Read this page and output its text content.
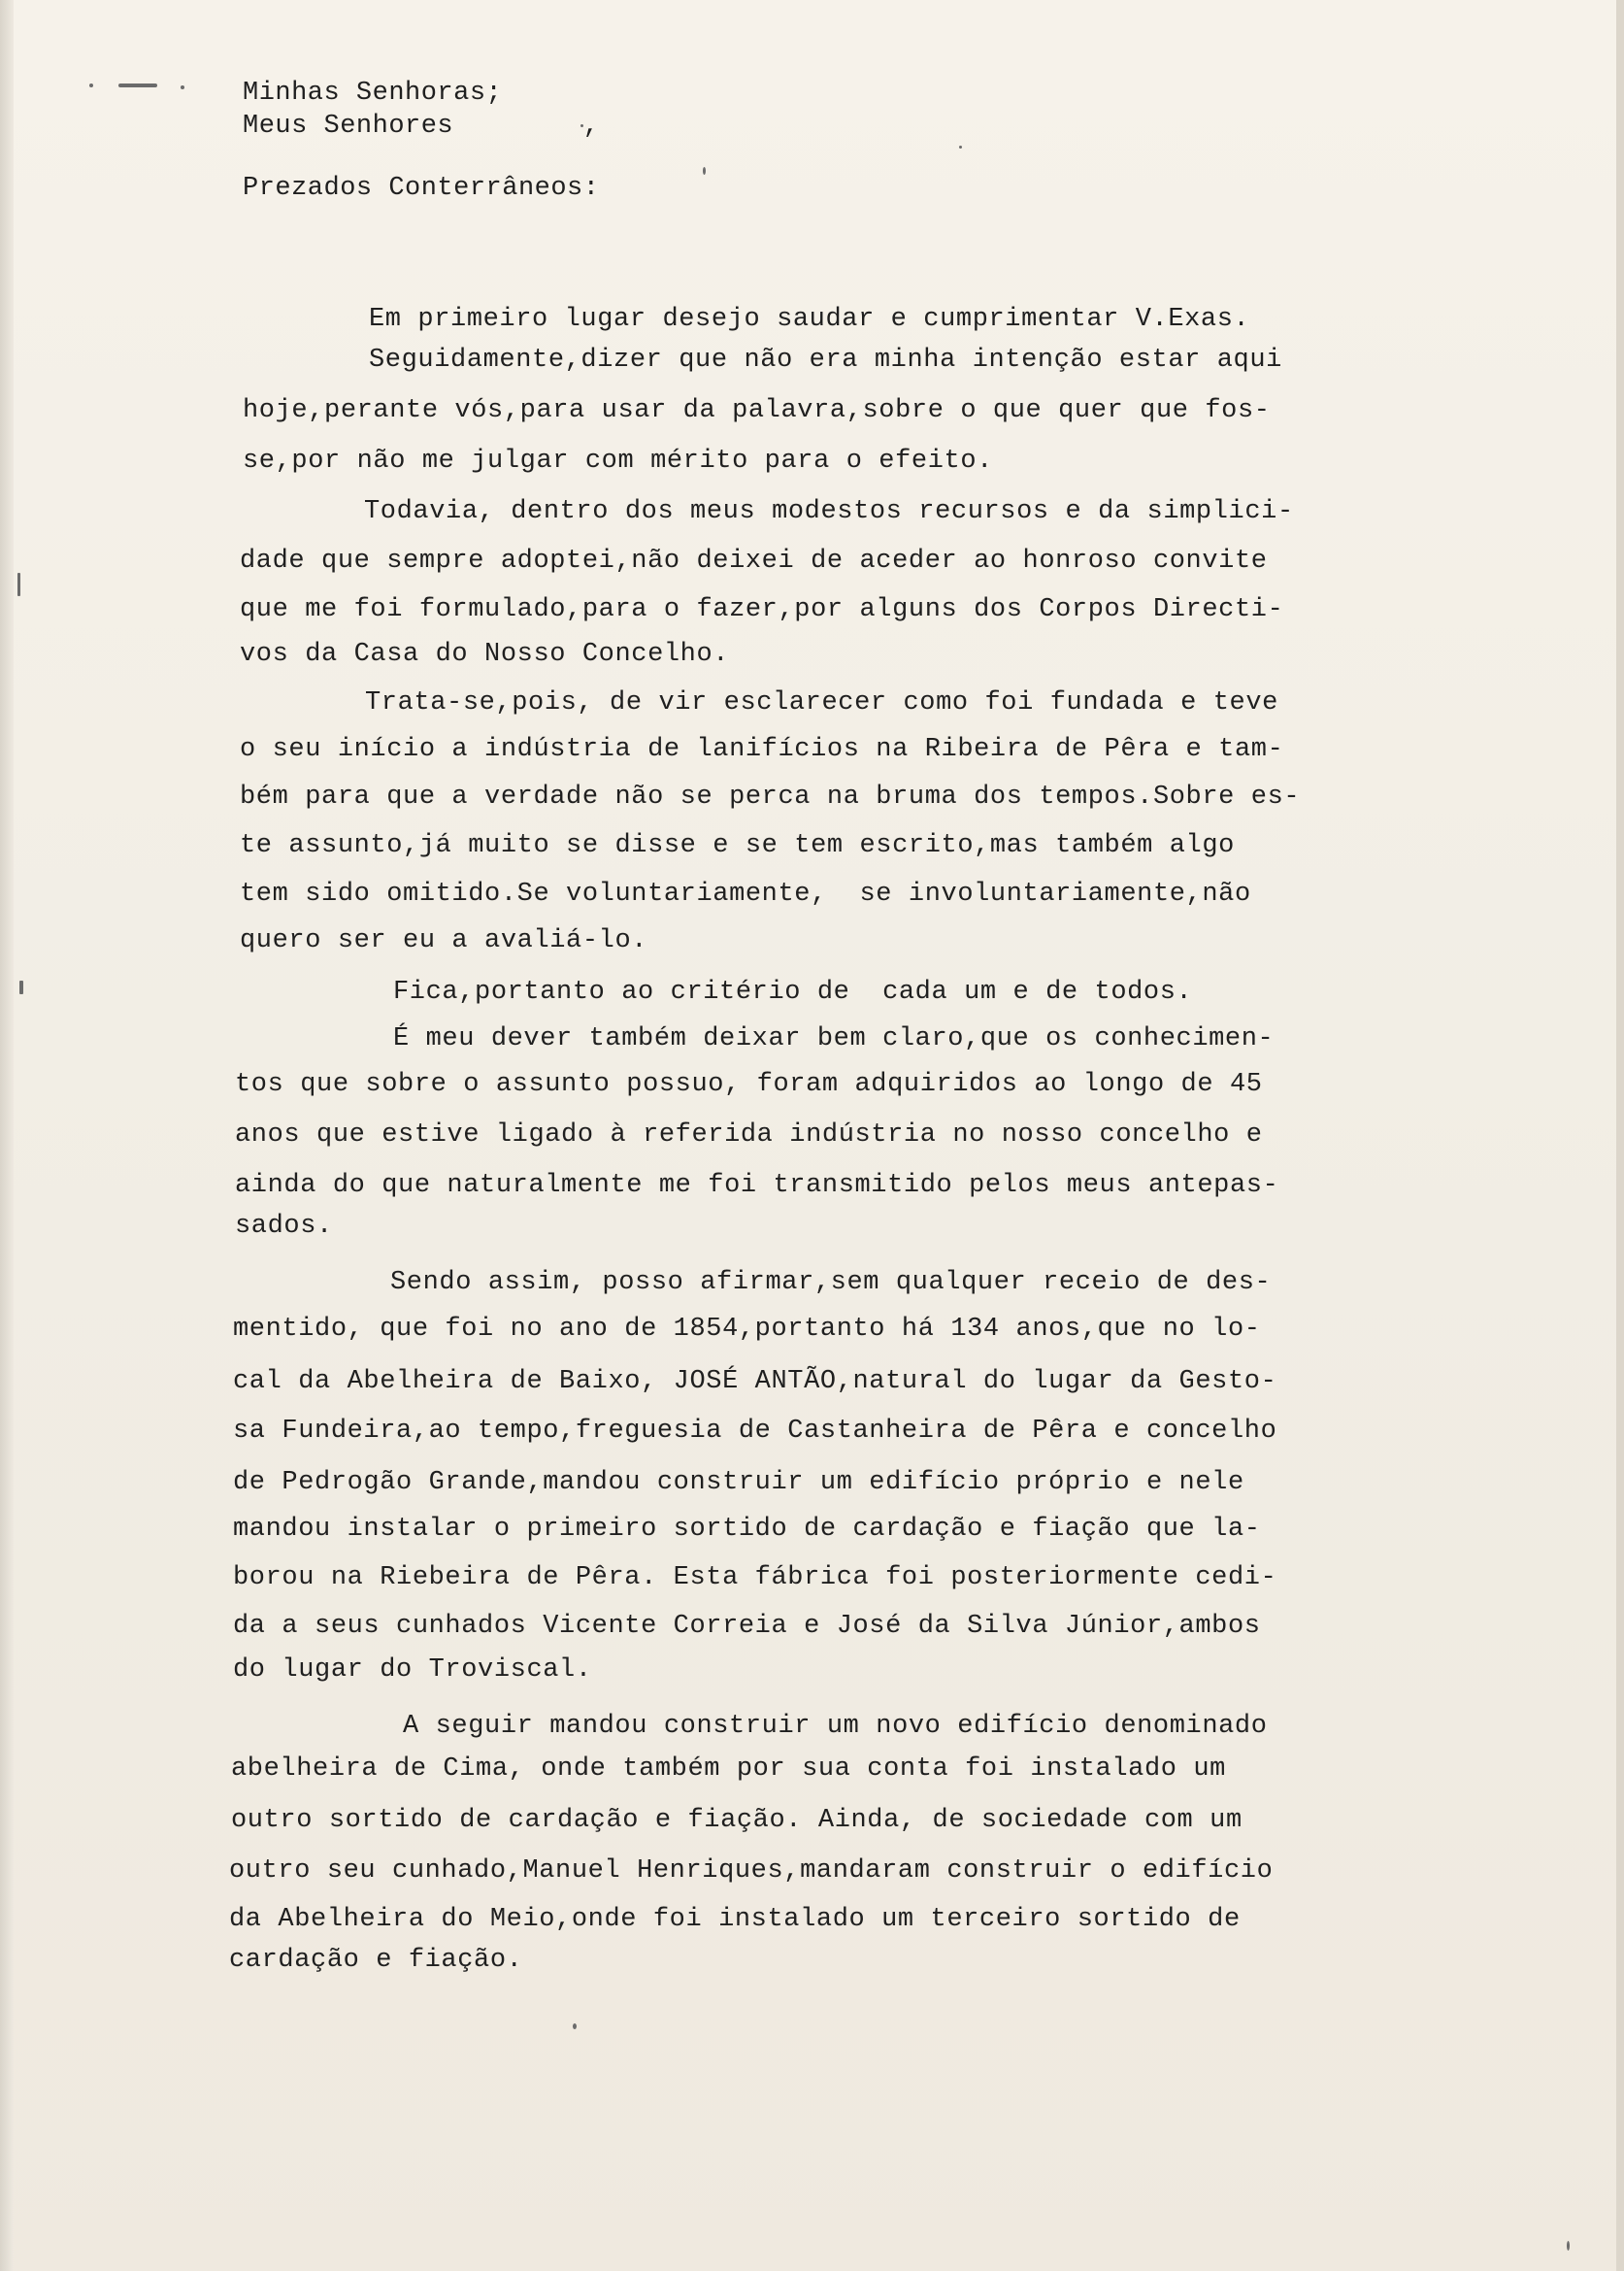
Minhas Senhoras;
Meus Senhores        ,
Prezados Conterrâneos:
Em primeiro lugar desejo saudar e cumprimentar V.Exas.
Seguidamente,dizer que não era minha intenção estar aqui
hoje,perante vós,para usar da palavra,sobre o que quer que fos-
se,por não me julgar com mérito para o efeito.
Todavia, dentro dos meus modestos recursos e da simplici-
dade que sempre adoptei,não deixei de aceder ao honroso convite
que me foi formulado,para o fazer,por alguns dos Corpos Directi-
vos da Casa do Nosso Concelho.
Trata-se,pois, de vir esclarecer como foi fundada e teve
o seu início a indústria de lanifícios na Ribeira de Pêra e tam-
bém para que a verdade não se perca na bruma dos tempos.Sobre es-
te assunto,já muito se disse e se tem escrito,mas também algo
tem sido omitido.Se voluntariamente,  se involuntariamente,não
quero ser eu a avaliá-lo.
Fica,portanto ao critério de  cada um e de todos.
É meu dever também deixar bem claro,que os conhecimen-
tos que sobre o assunto possuo, foram adquiridos ao longo de 45
anos que estive ligado à referida indústria no nosso concelho e
ainda do que naturalmente me foi transmitido pelos meus antepas-
sados.
Sendo assim, posso afirmar,sem qualquer receio de des-
mentido, que foi no ano de 1854,portanto há 134 anos,que no lo-
cal da Abelheira de Baixo, JOSÉ ANTÃO,natural do lugar da Gesto-
sa Fundeira,ao tempo,freguesia de Castanheira de Pêra e concelho
de Pedrogão Grande,mandou construir um edifício próprio e nele
mandou instalar o primeiro sortido de cardação e fiação que la-
borou na Riebeira de Pêra. Esta fábrica foi posteriormente cedi-
da a seus cunhados Vicente Correia e José da Silva Júnior,ambos
do lugar do Troviscal.
A seguir mandou construir um novo edifício denominado
abelheira de Cima, onde também por sua conta foi instalado um
outro sortido de cardação e fiação. Ainda, de sociedade com um
outro seu cunhado,Manuel Henriques,mandaram construir o edifício
da Abelheira do Meio,onde foi instalado um terceiro sortido de
cardação e fiação.
